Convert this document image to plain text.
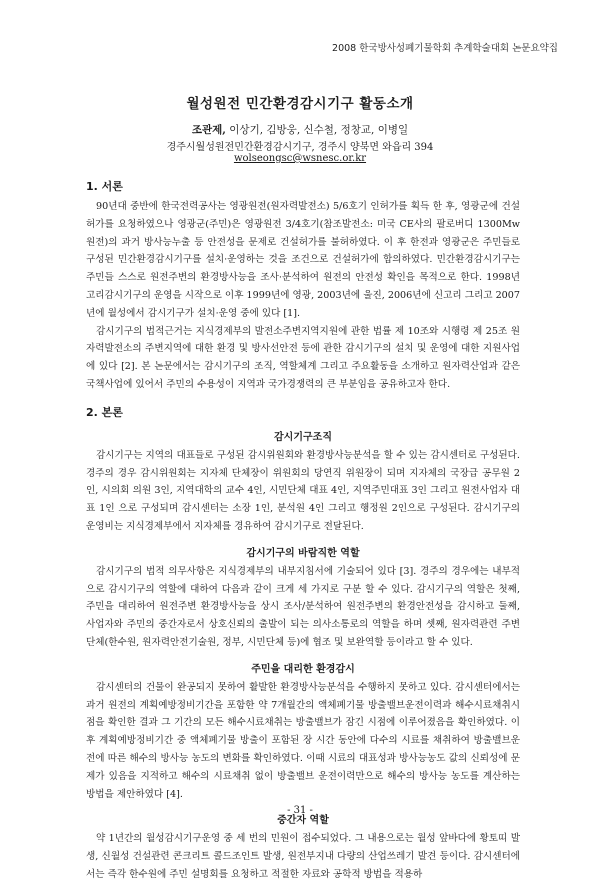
2008 한국방사성폐기물학회 추계학술대회 논문요약집
월성원전 민간환경감시기구 활동소개
조관제, 이상기, 김방웅, 신수철, 정창교, 이병일
경주시월성원전민간환경감시기구, 경주시 양북면 와읍리 394
wolseongsc@wsnesc.or.kr
1. 서론

90년대 중반에 한국전력공사는 영광원전(원자력발전소) 5/6호기 인허가를 획득 한 후, 영광군에 건설허가를 요청하였으나 영광군(주민)은 영광원전 3/4호기(참조발전소: 미국 CE사의 팔로버디 1300Mw 원전)의 과거 방사능누출 등 안전성을 문제로 건설허가를 불허하였다. 이 후 한전과 영광군은 주민들로 구성된 민간환경감시기구를 설치·운영하는 것을 조건으로 건설허가에 합의하였다. 민간환경감시기구는 주민들 스스로 원전주변의 환경방사능을 조사·분석하여 원전의 안전성 확인을 목적으로 한다. 1998년 고리감시기구의 운영을 시작으로 이후 1999년에 영광, 2003년에 울진, 2006년에 신고리 그리고 2007년에 월성에서 감시기구가 설치·운영 중에 있다 [1].

감시기구의 법적근거는 지식경제부의 발전소주변지역지원에 관한 법률 제 10조와 시행령 제 25조 원자력발전소의 주변지역에 대한 환경 및 방사선안전 등에 관한 감시기구의 설치 및 운영에 대한 지원사업에 있다 [2]. 본 논문에서는 감시기구의 조직, 역할체계 그리고 주요활동을 소개하고 원자력산업과 같은 국책사업에 있어서 주민의 수용성이 지역과 국가경쟁력의 큰 부분임을 공유하고자 한다.

2. 본론
감시기구조직

감시기구는 지역의 대표들로 구성된 감시위원회와 환경방사능분석을 할 수 있는 감시센터로 구성된다. 경주의 경우 감시위원회는 지자체 단체장이 위원회의 당연직 위원장이 되며 지자체의 국장급 공무원 2인, 시의회 의원 3인, 지역대학의 교수 4인, 시민단체 대표 4인, 지역주민대표 3인 그리고 원전사업자 대표 1인 으로 구성되며 감시센터는 소장 1인, 분석원 4인 그리고 행정원 2인으로 구성된다. 감시기구의 운영비는 지식경제부에서 지자체를 경유하여 감시기구로 전달된다.

감시기구의 바람직한 역할

감시기구의 법적 의무사항은 지식경제부의 내부지침서에 기술되어 있다 [3]. 경주의 경우에는 내부적으로 감시기구의 역할에 대하여 다음과 같이 크게 세 가지로 구분 할 수 있다. 감시기구의 역할은 첫째, 주민을 대리하여 원전주변 환경방사능을 상시 조사/분석하여 원전주변의 환경안전성을 감시하고 둘째, 사업자와 주민의 중간자로서 상호신뢰의 출발이 되는 의사소통로의 역할을 하며 셋째, 원자력관련 주변단체(한수원, 원자력안전기술원, 정부, 시민단체 등)에 협조 및 보완역할 등이라고 할 수 있다.

주민을 대리한 환경감시

감시센터의 건물이 완공되지 못하여 활발한 환경방사능분석을 수행하지 못하고 있다. 감시센터에서는 과거 원전의 계획예방정비기간을 포함한 약 7개월간의 액체폐기물 방출밸브운전이력과 해수시료채취시점을 확인한 결과 그 기간의 모든 해수시료채취는 방출밸브가 잠긴 시점에 이루어졌음을 확인하였다. 이 후 계획예방정비기간 중 액체폐기물 방출이 포함된 장 시간 동안에 다수의 시료를 채취하여 방출밸브운전에 따른 해수의 방사능 농도의 변화를 확인하였다. 이때 시료의 대표성과 방사능농도 값의 신뢰성에 문제가 있음을 지적하고 해수의 시료채취 없이 방출밸브 운전이력만으로 해수의 방사능 농도를 계산하는 방법을 제안하였다 [4].

중간자 역할

약 1년간의 월성감시기구운영 중 세 번의 민원이 접수되었다. 그 내용으로는 월성 앞바다에 황토띠 발생, 신월성 건설관련 콘크리트 콜드조인트 발생, 원전부지내 다량의 산업쓰레기 발견 등이다. 감시센터에서는 즉각 한수원에 주민 설명회를 요청하고 적절한 자료와 공학적 방법을 적용하

- 31 -
